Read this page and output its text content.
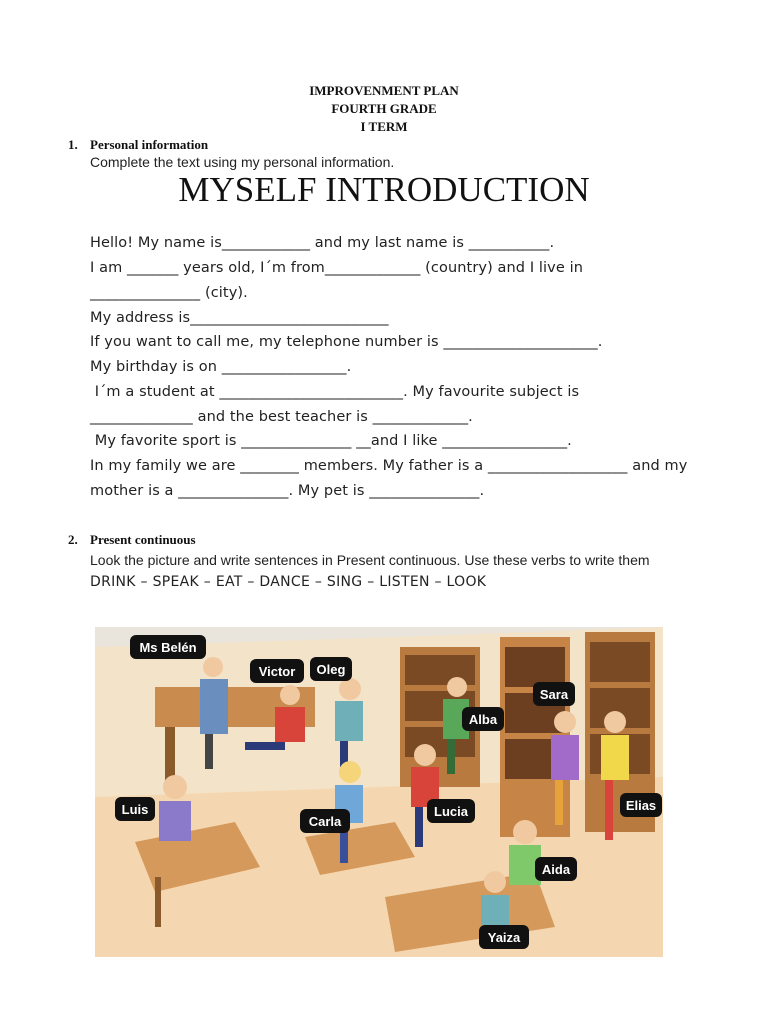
IMPROVENMENT PLAN
FOURTH GRADE
I TERM
1. Personal information
Complete the text using my personal information.
MYSELF INTRODUCTION
Hello! My name is____________ and my last name is ___________.
I am _______ years old, I´m from_____________ (country) and I live in
_______________ (city).
My address is___________________________
If you want to call me, my telephone number is _____________________.
My birthday is on _________________.
I´m a student at _________________________. My favourite subject is
______________ and the best teacher is _____________.
My favorite sport is _______________ __and I like _________________.
In my family we are ________ members. My father is a ___________________ and my
mother is a _______________. My pet is _______________.
2. Present continuous
Look the picture and write sentences in Present continuous. Use these verbs to write them
DRINK – SPEAK – EAT – DANCE – SING – LISTEN – LOOK
Ms Belén
Victor Oleg
Sara
Alba
Elias
Luis
Carla
Lucia
Aida
Yaiza
